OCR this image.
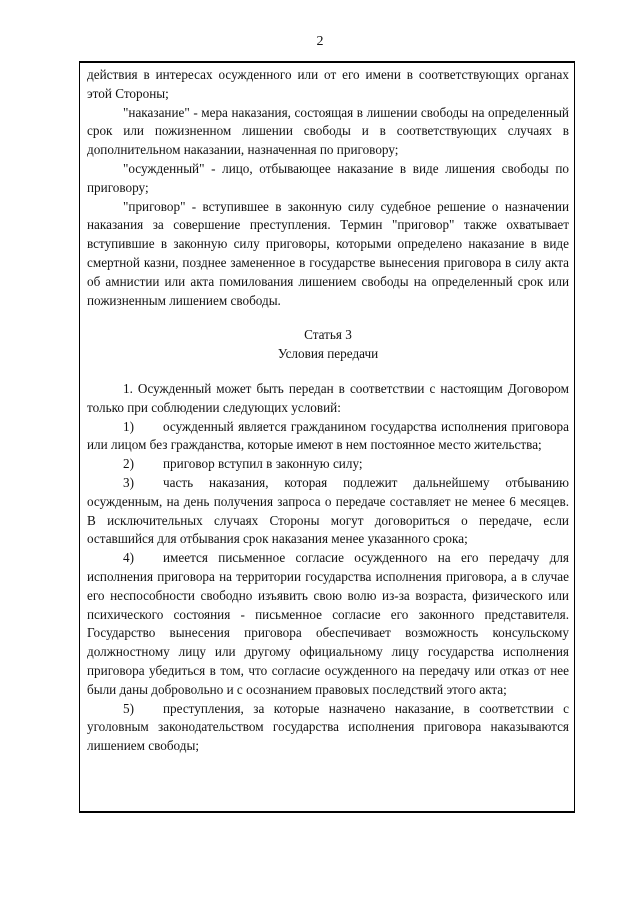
2

действия в интересах осужденного или от его имени в соответствующих органах этой Стороны;

"наказание" - мера наказания, состоящая в лишении свободы на определенный срок или пожизненном лишении свободы и в соответствующих случаях в дополнительном наказании, назначенная по приговору;

"осужденный" - лицо, отбывающее наказание в виде лишения свободы по приговору;

"приговор" - вступившее в законную силу судебное решение о назначении наказания за совершение преступления. Термин "приговор" также охватывает вступившие в законную силу приговоры, которыми определено наказание в виде смертной казни, позднее замененное в государстве вынесения приговора в силу акта об амнистии или акта помилования лишением свободы на определенный срок или пожизненным лишением свободы.

Статья 3

Условия передачи

1. Осужденный может быть передан в соответствии с настоящим Договором только при соблюдении следующих условий:

1) осужденный является гражданином государства исполнения приговора или лицом без гражданства, которые имеют в нем постоянное место жительства;

2) приговор вступил в законную силу;

3) часть наказания, которая подлежит дальнейшему отбыванию осужденным, на день получения запроса о передаче составляет не менее 6 месяцев. В исключительных случаях Стороны могут договориться о передаче, если оставшийся для отбывания срок наказания менее указанного срока;

4) имеется письменное согласие осужденного на его передачу для исполнения приговора на территории государства исполнения приговора, а в случае его неспособности свободно изъявить свою волю из-за возраста, физического или психического состояния - письменное согласие его законного представителя. Государство вынесения приговора обеспечивает возможность консульскому должностному лицу или другому официальному лицу государства исполнения приговора убедиться в том, что согласие осужденного на передачу или отказ от нее были даны добровольно и с осознанием правовых последствий этого акта;

5) преступления, за которые назначено наказание, в соответствии с уголовным законодательством государства исполнения приговора наказываются лишением свободы;
